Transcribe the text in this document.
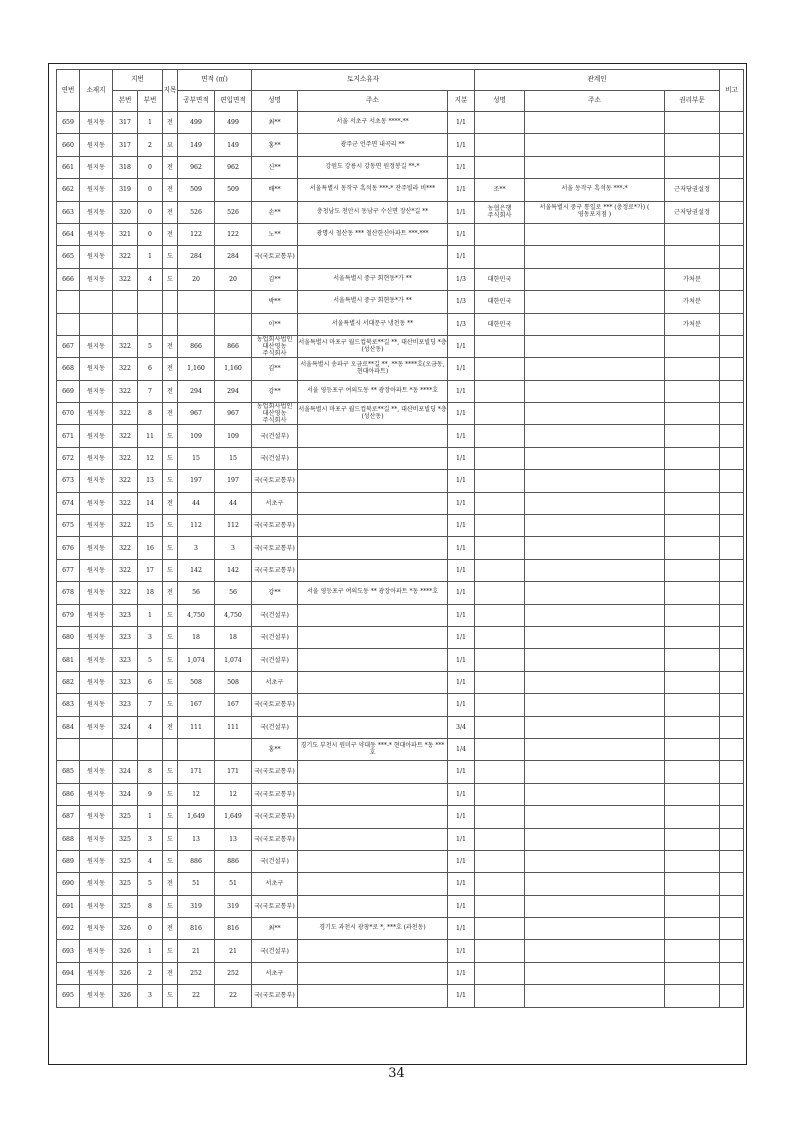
연번	소재지	지번		지목	면적 (㎡)		토지소유자			관계인			비고
		본번	부번		공부면적	편입면적	성명	주소	지분	성명	주소	권리부문	
659	원지동	317	1	전	499	499	최**	서울 서초구 서초동 ****-**	1/1				
660	원지동	317	2	묘	149	149	홍**	광주군 언주면 내곡리 **	1/1				
661	원지동	318	0	전	962	962	신**	강원도 강릉시 강동면 원정봉길 **-*	1/1				
662	원지동	319	0	전	509	509	배**	서울특별시 동작구 흑석동 ***-* 잔주빌라 비***	1/1	조**	서울 동작구 흑석동 ***-*	근저당권설정	
663	원지동	320	0	전	526	526	손**	충청남도 천안시 동남구 수신면 장산*길 **	1/1	농협은행 주식회사	서울특별시 중구 통일로 *** (충정로*가) ( 영동포지점 )	근저당권설정	
664	원지동	321	0	전	122	122	노**	광명시 철산동 *** 철산한신아파트 ***-***	1/1				
665	원지동	322	1	도	284	284	국(국토교통부)		1/1				
666	원지동	322	4	도	20	20	김**	서울특별시 중구 회현동*가 **	1/3	대한민국		가처분	
							박**	서울특별시 중구 회현동*가 **	1/3	대한민국		가처분	
							이**	서울특별시 서대문구 냉천동 **	1/3	대한민국		가처분	
667	원지동	322	5	전	866	866	농업회사법인 대산영농 주식회사	서울특별시 마포구 월드컵북로**길 **, 대산비포빌딩 *층 (성산동)	1/1				
668	원지동	322	6	전	1,160	1,160	김**	서울특별시 송파구 오금로**길 **, **동 ****호(오금동,현대아파트)	1/1				
669	원지동	322	7	전	294	294	강**	서울 영등포구 여의도동 ** 광장아파트 *동 ****호	1/1				
670	원지동	322	8	전	967	967	농업회사법인 대산영농 주식회사	서울특별시 마포구 월드컵북로**길 **, 대산비포빌딩 *층 (성산동)	1/1				
671	원지동	322	11	도	109	109	국(건설부)		1/1				
672	원지동	322	12	도	15	15	국(건설부)		1/1				
673	원지동	322	13	도	197	197	국(국토교통부)		1/1				
674	원지동	322	14	전	44	44	서초구		1/1				
675	원지동	322	15	도	112	112	국(국토교통부)		1/1				
676	원지동	322	16	도	3	3	국(국토교통부)		1/1				
677	원지동	322	17	도	142	142	국(국토교통부)		1/1				
678	원지동	322	18	전	56	56	강**	서울 영등포구 여의도동 ** 광장아파트 *동 ****호	1/1				
679	원지동	323	1	도	4,750	4,750	국(건설부)		1/1				
680	원지동	323	3	도	18	18	국(건설부)		1/1				
681	원지동	323	5	도	1,074	1,074	국(건설부)		1/1				
682	원지동	323	6	도	508	508	서초구		1/1				
683	원지동	323	7	도	167	167	국(국토교통부)		1/1				
684	원지동	324	4	전	111	111	국(건설부)		3/4				
							홍**	경기도 부천시 원미구 약대동 ***-* 현대아파트 *동 ***호	1/4				
685	원지동	324	8	도	171	171	국(국토교통부)		1/1				
686	원지동	324	9	도	12	12	국(국토교통부)		1/1				
687	원지동	325	1	도	1,649	1,649	국(국토교통부)		1/1				
688	원지동	325	3	도	13	13	국(국토교통부)		1/1				
689	원지동	325	4	도	886	886	국(건설부)		1/1				
690	원지동	325	5	전	51	51	서초구		1/1				
691	원지동	325	8	도	319	319	국(국토교통부)		1/1				
692	원지동	326	0	전	816	816	최**	경기도 과천시 광창*로 *, ***호 (과천동)	1/1				
693	원지동	326	1	도	21	21	국(건설부)		1/1				
694	원지동	326	2	전	252	252	서초구		1/1				
695	원지동	326	3	도	22	22	국(국토교통부)		1/1				
34
